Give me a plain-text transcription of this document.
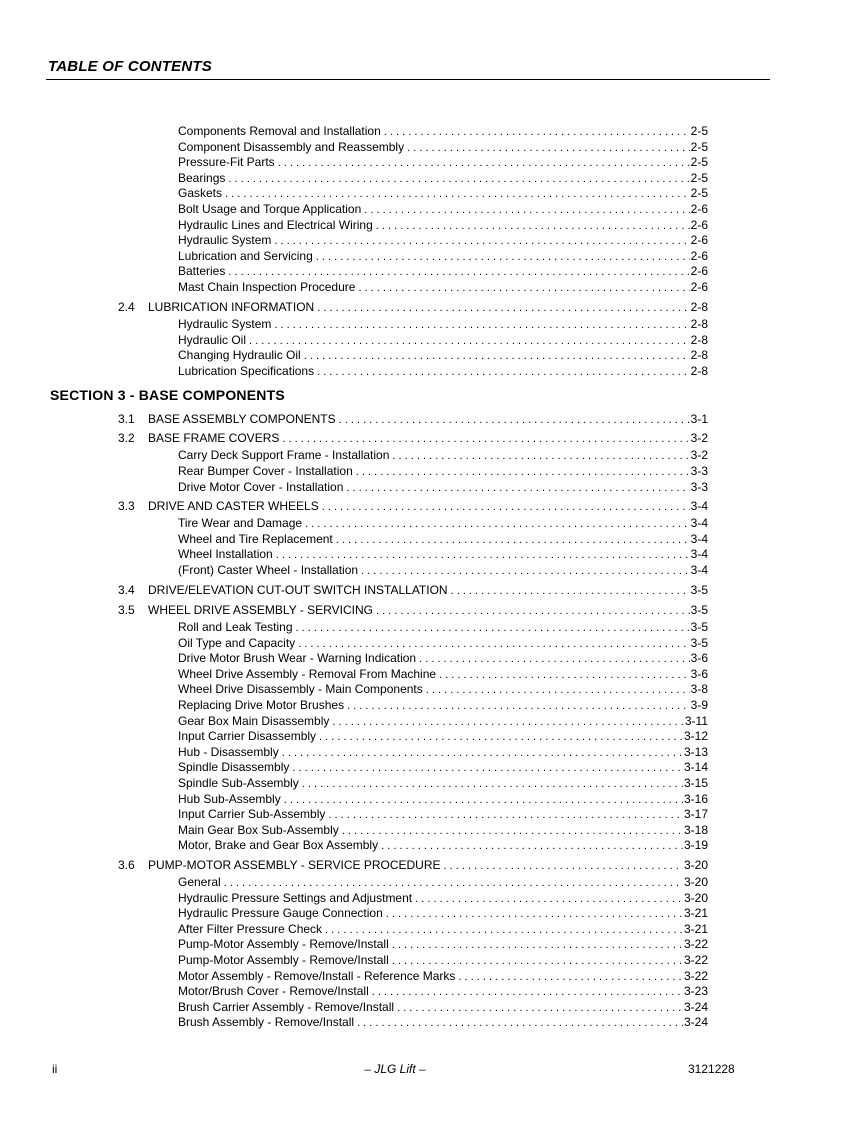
TABLE OF CONTENTS
Components Removal and Installation . . .	2-5
Component Disassembly and Reassembly . . .	2-5
Pressure-Fit Parts . . .	2-5
Bearings . . .	2-5
Gaskets . . .	2-5
Bolt Usage and Torque Application . . .	2-6
Hydraulic Lines and Electrical Wiring . . .	2-6
Hydraulic System . . .	2-6
Lubrication and Servicing . . .	2-6
Batteries . . .	2-6
Mast Chain Inspection Procedure . . .	2-6
2.4	LUBRICATION INFORMATION . . .	2-8
Hydraulic System . . .	2-8
Hydraulic Oil . . .	2-8
Changing Hydraulic Oil . . .	2-8
Lubrication Specifications . . .	2-8
3.1	BASE ASSEMBLY COMPONENTS . . .	3-1
3.2	BASE FRAME COVERS . . .	3-2
Carry Deck Support Frame - Installation . . .	3-2
Rear Bumper Cover - Installation . . .	3-3
Drive Motor Cover - Installation . . .	3-3
3.3	DRIVE AND CASTER WHEELS . . .	3-4
Tire Wear and Damage . . .	3-4
Wheel and Tire Replacement . . .	3-4
Wheel Installation . . .	3-4
(Front) Caster Wheel - Installation . . .	3-4
3.4	DRIVE/ELEVATION CUT-OUT SWITCH INSTALLATION . . .	3-5
3.5	WHEEL DRIVE ASSEMBLY - SERVICING . . .	3-5
Roll and Leak Testing . . .	3-5
Oil Type and Capacity . . .	3-5
Drive Motor Brush Wear - Warning Indication . . .	3-6
Wheel Drive Assembly - Removal From Machine . . .	3-6
Wheel Drive Disassembly - Main Components . . .	3-8
Replacing Drive Motor Brushes . . .	3-9
Gear Box Main Disassembly . . .	3-11
Input Carrier Disassembly . . .	3-12
Hub - Disassembly . . .	3-13
Spindle Disassembly . . .	3-14
Spindle Sub-Assembly . . .	3-15
Hub Sub-Assembly . . .	3-16
Input Carrier Sub-Assembly . . .	3-17
Main Gear Box Sub-Assembly . . .	3-18
Motor, Brake and Gear Box Assembly . . .	3-19
3.6	PUMP-MOTOR ASSEMBLY - SERVICE PROCEDURE . . .	3-20
General . . .	3-20
Hydraulic Pressure Settings and Adjustment . . .	3-20
Hydraulic Pressure Gauge Connection . . .	3-21
After Filter Pressure Check . . .	3-21
Pump-Motor Assembly - Remove/Install . . .	3-22
Pump-Motor Assembly - Remove/Install . . .	3-22
Motor Assembly - Remove/Install - Reference Marks . . .	3-22
Motor/Brush Cover - Remove/Install . . .	3-23
Brush Carrier Assembly - Remove/Install . . .	3-24
Brush Assembly - Remove/Install . . .	3-24
SECTION 3 - BASE COMPONENTS
ii	– JLG Lift –	3121228
